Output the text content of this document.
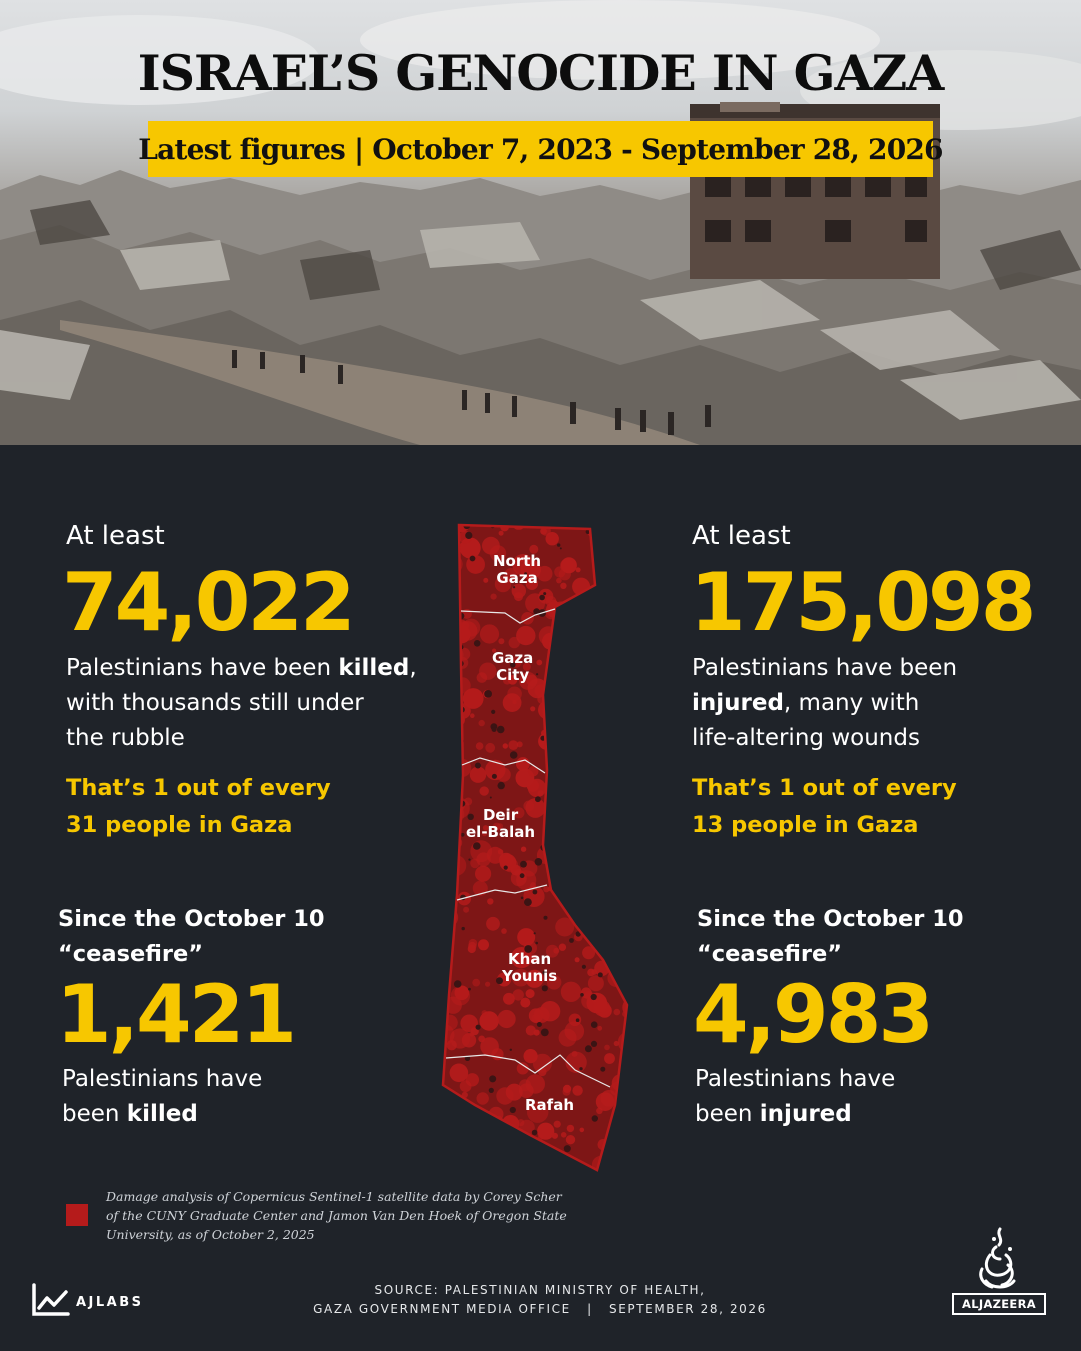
ISRAEL’S GENOCIDE IN GAZA
Latest figures | October 7, 2023 - September 28, 2026
At least
74,022
Palestinians have been killed,
with thousands still under
the rubble
That’s 1 out of every
31 people in Gaza
At least
175,098
Palestinians have been
injured, many with
life-altering wounds
That’s 1 out of every
13 people in Gaza
Since the October 10
“ceasefire”
1,421
Palestinians have
been killed
Since the October 10
“ceasefire”
4,983
Palestinians have
been injured
North
Gaza
Gaza
City
Deir
el-Balah
Khan
Younis
Rafah
Damage analysis of Copernicus Sentinel-1 satellite data by Corey Scher
of the CUNY Graduate Center and Jamon Van Den Hoek of Oregon State
University, as of October 2, 2025
AJLABS
SOURCE: PALESTINIAN MINISTRY OF HEALTH,
GAZA GOVERNMENT MEDIA OFFICE   |   SEPTEMBER 28, 2026	ALJAZEERA
